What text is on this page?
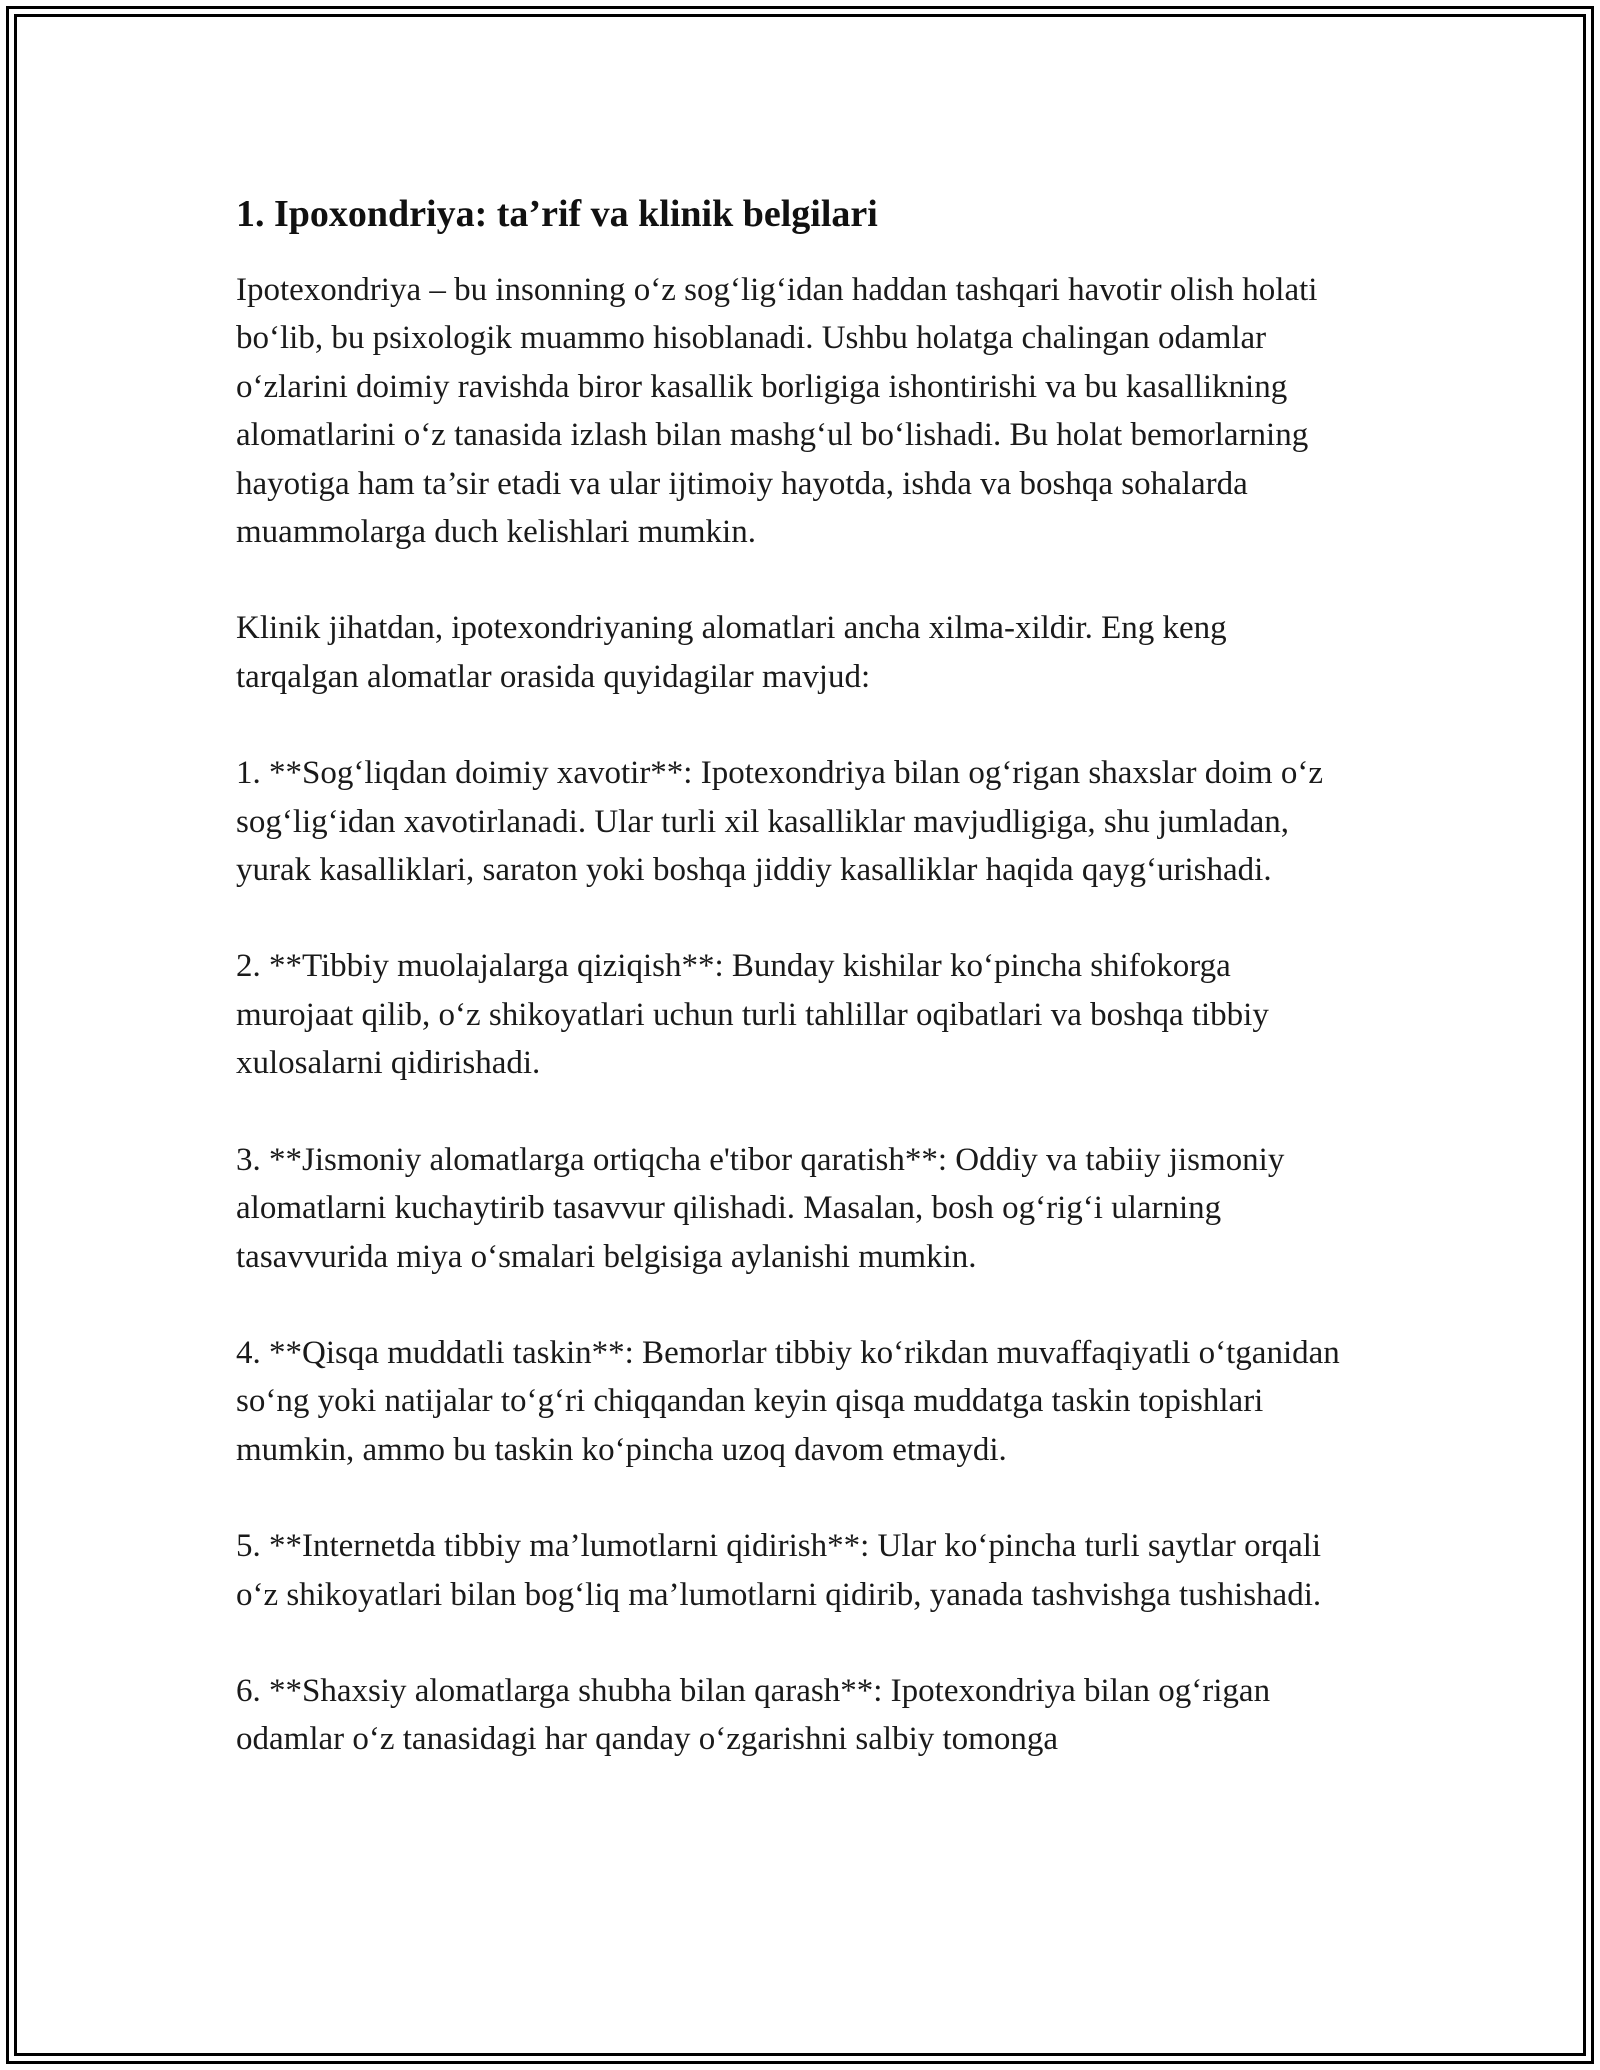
1. Ipoxondriya: ta’rif va klinik belgilari

Ipotexondriya – bu insonning o‘z sog‘lig‘idan haddan tashqari havotir olish holati bo‘lib, bu psixologik muammo hisoblanadi. Ushbu holatga chalingan odamlar o‘zlarini doimiy ravishda biror kasallik borligiga ishontirishi va bu kasallikning alomatlarini o‘z tanasida izlash bilan mashg‘ul bo‘lishadi. Bu holat bemorlarning hayotiga ham ta’sir etadi va ular ijtimoiy hayotda, ishda va boshqa sohalarda muammolarga duch kelishlari mumkin.

Klinik jihatdan, ipotexondriyaning alomatlari ancha xilma-xildir. Eng keng tarqalgan alomatlar orasida quyidagilar mavjud:

1. **Sog‘liqdan doimiy xavotir**: Ipotexondriya bilan og‘rigan shaxslar doim o‘z sog‘lig‘idan xavotirlanadi. Ular turli xil kasalliklar mavjudligiga, shu jumladan, yurak kasalliklari, saraton yoki boshqa jiddiy kasalliklar haqida qayg‘urishadi.

2. **Tibbiy muolajalarga qiziqish**: Bunday kishilar ko‘pincha shifokorga murojaat qilib, o‘z shikoyatlari uchun turli tahlillar oqibatlari va boshqa tibbiy xulosalarni qidirishadi.

3. **Jismoniy alomatlarga ortiqcha e'tibor qaratish**: Oddiy va tabiiy jismoniy alomatlarni kuchaytirib tasavvur qilishadi. Masalan, bosh og‘rig‘i ularning tasavvurida miya o‘smalari belgisiga aylanishi mumkin.

4. **Qisqa muddatli taskin**: Bemorlar tibbiy ko‘rikdan muvaffaqiyatli o‘tganidan so‘ng yoki natijalar to‘g‘ri chiqqandan keyin qisqa muddatga taskin topishlari mumkin, ammo bu taskin ko‘pincha uzoq davom etmaydi.

5. **Internetda tibbiy ma’lumotlarni qidirish**: Ular ko‘pincha turli saytlar orqali o‘z shikoyatlari bilan bog‘liq ma’lumotlarni qidirib, yanada tashvishga tushishadi.

6. **Shaxsiy alomatlarga shubha bilan qarash**: Ipotexondriya bilan og‘rigan odamlar o‘z tanasidagi har qanday o‘zgarishni salbiy tomonga
